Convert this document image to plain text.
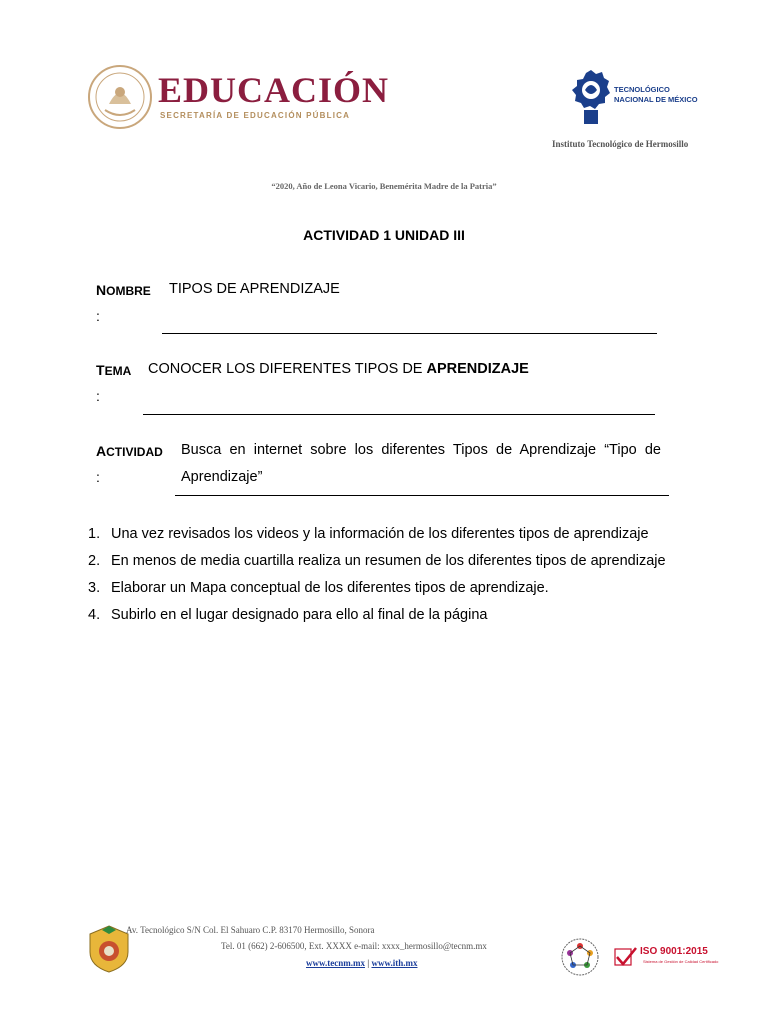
EDUCACIÓN
SECRETARÍA DE EDUCACIÓN PÚBLICA
TECNOLÓGICO
NACIONAL DE MÉXICO
Instituto Tecnológico de Hermosillo
“2020, Año de Leona Vicario, Benemérita Madre de la Patria”
ACTIVIDAD 1 UNIDAD III
NOMBRE
:
TIPOS DE APRENDIZAJE
TEMA
:
CONOCER LOS DIFERENTES TIPOS DE APRENDIZAJE
ACTIVIDAD
:
Busca en internet sobre los diferentes Tipos de Aprendizaje “Tipo de
Aprendizaje”
1. Una vez revisados los videos y la información de los diferentes tipos de aprendizaje
2. En menos de media cuartilla realiza un resumen de los diferentes tipos de aprendizaje
3. Elaborar un Mapa conceptual de los diferentes tipos de aprendizaje.
4. Subirlo en el lugar designado para ello al final de la página
Av. Tecnológico S/N Col. El Sahuaro C.P. 83170 Hermosillo, Sonora
Tel. 01 (662) 2-606500, Ext. XXXX e-mail: xxxx_hermosillo@tecnm.mx
www.tecnm.mx | www.ith.mx
ISO 9001:2015
Sistema de Gestión de Calidad Certificado
